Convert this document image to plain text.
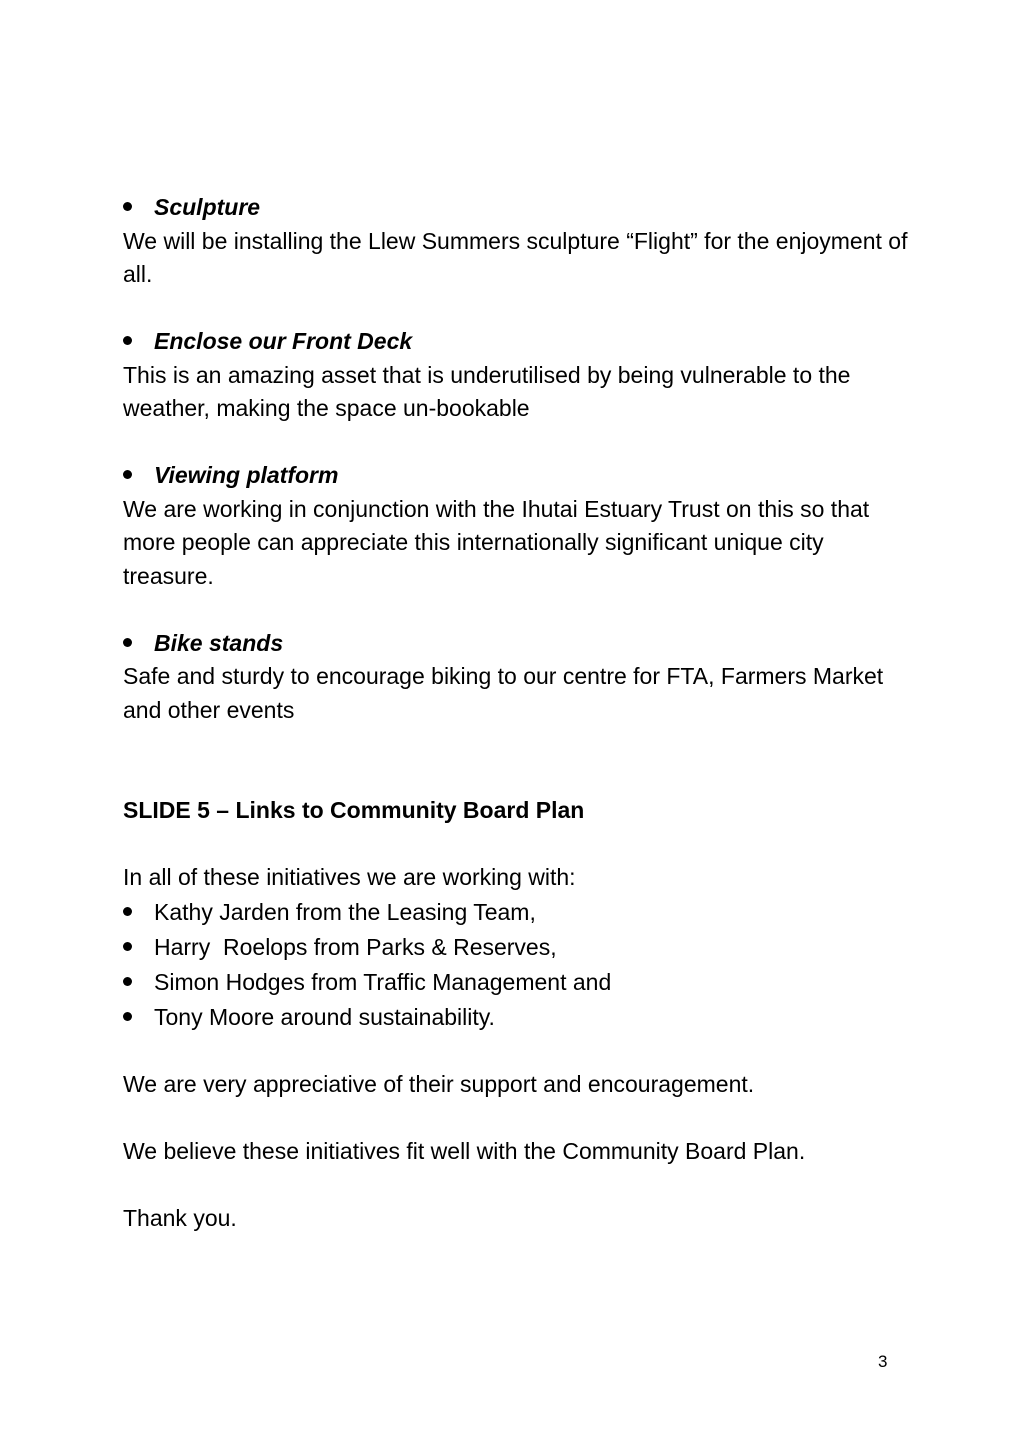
Sculpture

We will be installing the Llew Summers sculpture “Flight” for the enjoyment of all.

Enclose our Front Deck

This is an amazing asset that is underutilised by being vulnerable to the weather, making the space un-bookable

Viewing platform

We are working in conjunction with the Ihutai Estuary Trust on this so that more people can appreciate this internationally significant unique city treasure.

Bike stands

Safe and sturdy to encourage biking to our centre for FTA, Farmers Market and other events

SLIDE 5 – Links to Community Board Plan

In all of these initiatives we are working with:

Kathy Jarden from the Leasing Team,
Harry  Roelops from Parks & Reserves,
Simon Hodges from Traffic Management and
Tony Moore around sustainability.

We are very appreciative of their support and encouragement.

We believe these initiatives fit well with the Community Board Plan.

Thank you.

3
